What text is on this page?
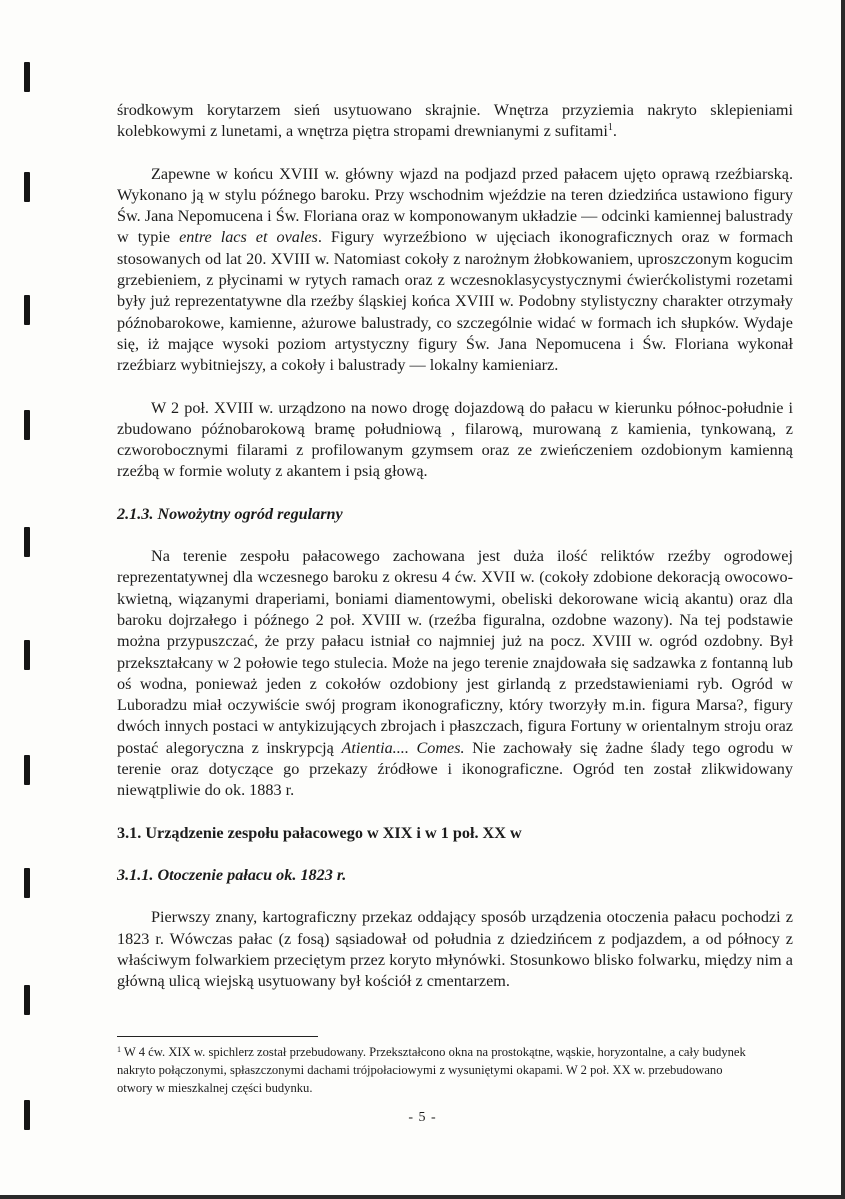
środkowym korytarzem sień usytuowano skrajnie. Wnętrza przyziemia nakryto sklepieniami kolebkowymi z lunetami, a wnętrza piętra stropami drewnianymi z sufitami$^1$.

Zapewne w końcu XVIII w. główny wjazd na podjazd przed pałacem ujęto oprawą rzeźbiarską. Wykonano ją w stylu późnego baroku. Przy wschodnim wjeździe na teren dziedzińca ustawiono figury Św. Jana Nepomucena i Św. Floriana oraz w komponowanym układzie — odcinki kamiennej balustrady w typie entre lacs et ovales. Figury wyrzeźbiono w ujęciach ikonograficznych oraz w formach stosowanych od lat 20. XVIII w. Natomiast cokoły z narożnym żłobkowaniem, uproszczonym kogucim grzebieniem, z płycinami w rytych ramach oraz z wczesnoklasycystycznymi ćwierćkolistymi rozetami były już reprezentatywne dla rzeźby śląskiej końca XVIII w. Podobny stylistyczny charakter otrzymały późnobarokowe, kamienne, ażurowe balustrady, co szczególnie widać w formach ich słupków. Wydaje się, iż mające wysoki poziom artystyczny figury Św. Jana Nepomucena i Św. Floriana wykonał rzeźbiarz wybitniejszy, a cokoły i balustrady — lokalny kamieniarz.

W 2 poł. XVIII w. urządzono na nowo drogę dojazdową do pałacu w kierunku północ-południe i zbudowano późnobarokową bramę południową , filarową, murowaną z kamienia, tynkowaną, z czworobocznymi filarami z profilowanym gzymsem oraz ze zwieńczeniem ozdobionym kamienną rzeźbą w formie woluty z akantem i psią głową.

2.1.3. Nowożytny ogród regularny

Na terenie zespołu pałacowego zachowana jest duża ilość reliktów rzeźby ogrodowej reprezentatywnej dla wczesnego baroku z okresu 4 ćw. XVII w. (cokoły zdobione dekoracją owocowo-kwietną, wiązanymi draperiami, boniami diamentowymi, obeliski dekorowane wicią akantu) oraz dla baroku dojrzałego i późnego 2 poł. XVIII w. (rzeźba figuralna, ozdobne wazony). Na tej podstawie można przypuszczać, że przy pałacu istniał co najmniej już na pocz. XVIII w. ogród ozdobny. Był przekształcany w 2 połowie tego stulecia. Może na jego terenie znajdowała się sadzawka z fontanną lub oś wodna, ponieważ jeden z cokołów ozdobiony jest girlandą z przedstawieniami ryb. Ogród w Luboradzu miał oczywiście swój program ikonograficzny, który tworzyły m.in. figura Marsa?, figury dwóch innych postaci w antykizujących zbrojach i płaszczach, figura Fortuny w orientalnym stroju oraz postać alegoryczna z inskrypcją Atientia.... Comes. Nie zachowały się żadne ślady tego ogrodu w terenie oraz dotyczące go przekazy źródłowe i ikonograficzne. Ogród ten został zlikwidowany niewątpliwie do ok. 1883 r.

3.1. Urządzenie zespołu pałacowego w XIX i w 1 poł. XX w

3.1.1. Otoczenie pałacu ok. 1823 r.

Pierwszy znany, kartograficzny przekaz oddający sposób urządzenia otoczenia pałacu pochodzi z 1823 r. Wówczas pałac (z fosą) sąsiadował od południa z dziedzińcem z podjazdem, a od północy z właściwym folwarkiem przeciętym przez koryto młynówki. Stosunkowo blisko folwarku, między nim a główną ulicą wiejską usytuowany był kościół z cmentarzem.

$^1$ W 4 ćw. XIX w. spichlerz został przebudowany. Przekształcono okna na prostokątne, wąskie, horyzontalne, a cały budynek nakryto połączonymi, spłaszczonymi dachami trójpołaciowymi z wysuniętymi okapami. W 2 poł. XX w. przebudowano otwory w mieszkalnej części budynku.
- 5 -
